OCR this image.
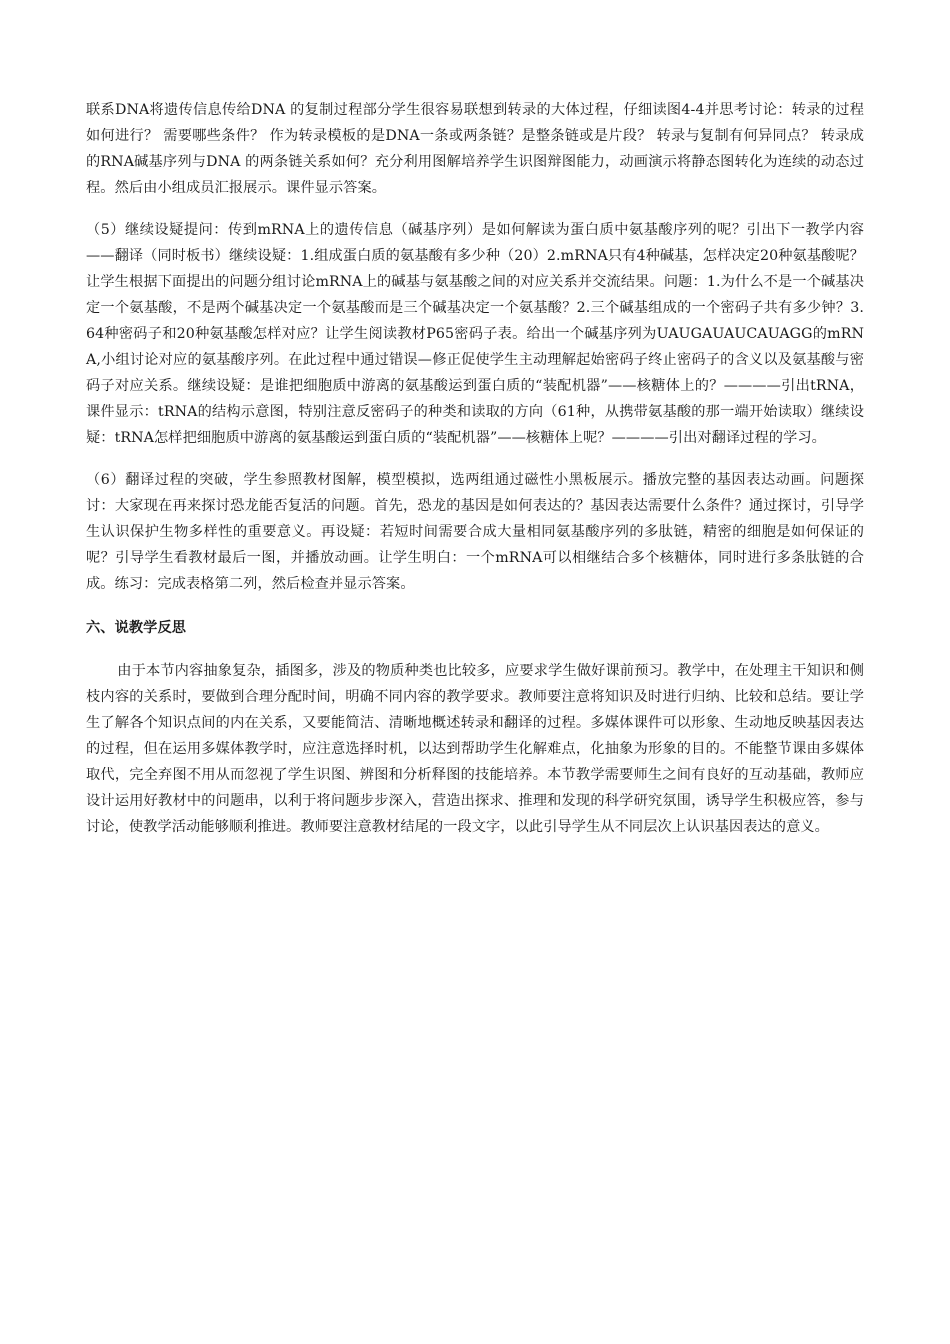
联系DNA将遗传信息传给DNA 的复制过程部分学生很容易联想到转录的大体过程，仔细读图4-4并思考讨论：转录的过程如何进行？ 需要哪些条件？ 作为转录模板的是DNA一条或两条链？是整条链或是片段？ 转录与复制有何异同点？ 转录成的RNA碱基序列与DNA 的两条链关系如何？充分利用图解培养学生识图辩图能力，动画演示将静态图转化为连续的动态过程。然后由小组成员汇报展示。课件显示答案。

（5）继续设疑提问：传到mRNA上的遗传信息（碱基序列）是如何解读为蛋白质中氨基酸序列的呢？引出下一教学内容——翻译（同时板书）继续设疑：1.组成蛋白质的氨基酸有多少种（20）2.mRNA只有4种碱基，怎样决定20种氨基酸呢？让学生根据下面提出的问题分组讨论mRNA上的碱基与氨基酸之间的对应关系并交流结果。问题：1.为什么不是一个碱基决定一个氨基酸，不是两个碱基决定一个氨基酸而是三个碱基决定一个氨基酸？2.三个碱基组成的一个密码子共有多少钟？3.64种密码子和20种氨基酸怎样对应？让学生阅读教材P65密码子表。给出一个碱基序列为UAUGAUAUCAUAGG的mRNA,小组讨论对应的氨基酸序列。在此过程中通过错误—修正促使学生主动理解起始密码子终止密码子的含义以及氨基酸与密码子对应关系。继续设疑：是谁把细胞质中游离的氨基酸运到蛋白质的“装配机器”——核糖体上的？————引出tRNA，课件显示：tRNA的结构示意图，特别注意反密码子的种类和读取的方向（61种，从携带氨基酸的那一端开始读取）继续设疑：tRNA怎样把细胞质中游离的氨基酸运到蛋白质的“装配机器”——核糖体上呢？————引出对翻译过程的学习。

（6）翻译过程的突破，学生参照教材图解，模型模拟，选两组通过磁性小黑板展示。播放完整的基因表达动画。问题探讨：大家现在再来探讨恐龙能否复活的问题。首先，恐龙的基因是如何表达的？基因表达需要什么条件？通过探讨，引导学生认识保护生物多样性的重要意义。再设疑：若短时间需要合成大量相同氨基酸序列的多肽链，精密的细胞是如何保证的呢？引导学生看教材最后一图，并播放动画。让学生明白：一个mRNA可以相继结合多个核糖体，同时进行多条肽链的合成。练习：完成表格第二列，然后检查并显示答案。

六、说教学反思

由于本节内容抽象复杂，插图多，涉及的物质种类也比较多，应要求学生做好课前预习。教学中，在处理主干知识和侧枝内容的关系时，要做到合理分配时间，明确不同内容的教学要求。教师要注意将知识及时进行归纳、比较和总结。要让学生了解各个知识点间的内在关系，又要能简洁、清晰地概述转录和翻译的过程。多媒体课件可以形象、生动地反映基因表达的过程，但在运用多媒体教学时，应注意选择时机，以达到帮助学生化解难点，化抽象为形象的目的。不能整节课由多媒体取代，完全弃图不用从而忽视了学生识图、辨图和分析释图的技能培养。本节教学需要师生之间有良好的互动基础，教师应设计运用好教材中的问题串，以利于将问题步步深入，营造出探求、推理和发现的科学研究氛围，诱导学生积极应答，参与讨论，使教学活动能够顺利推进。教师要注意教材结尾的一段文字，以此引导学生从不同层次上认识基因表达的意义。
